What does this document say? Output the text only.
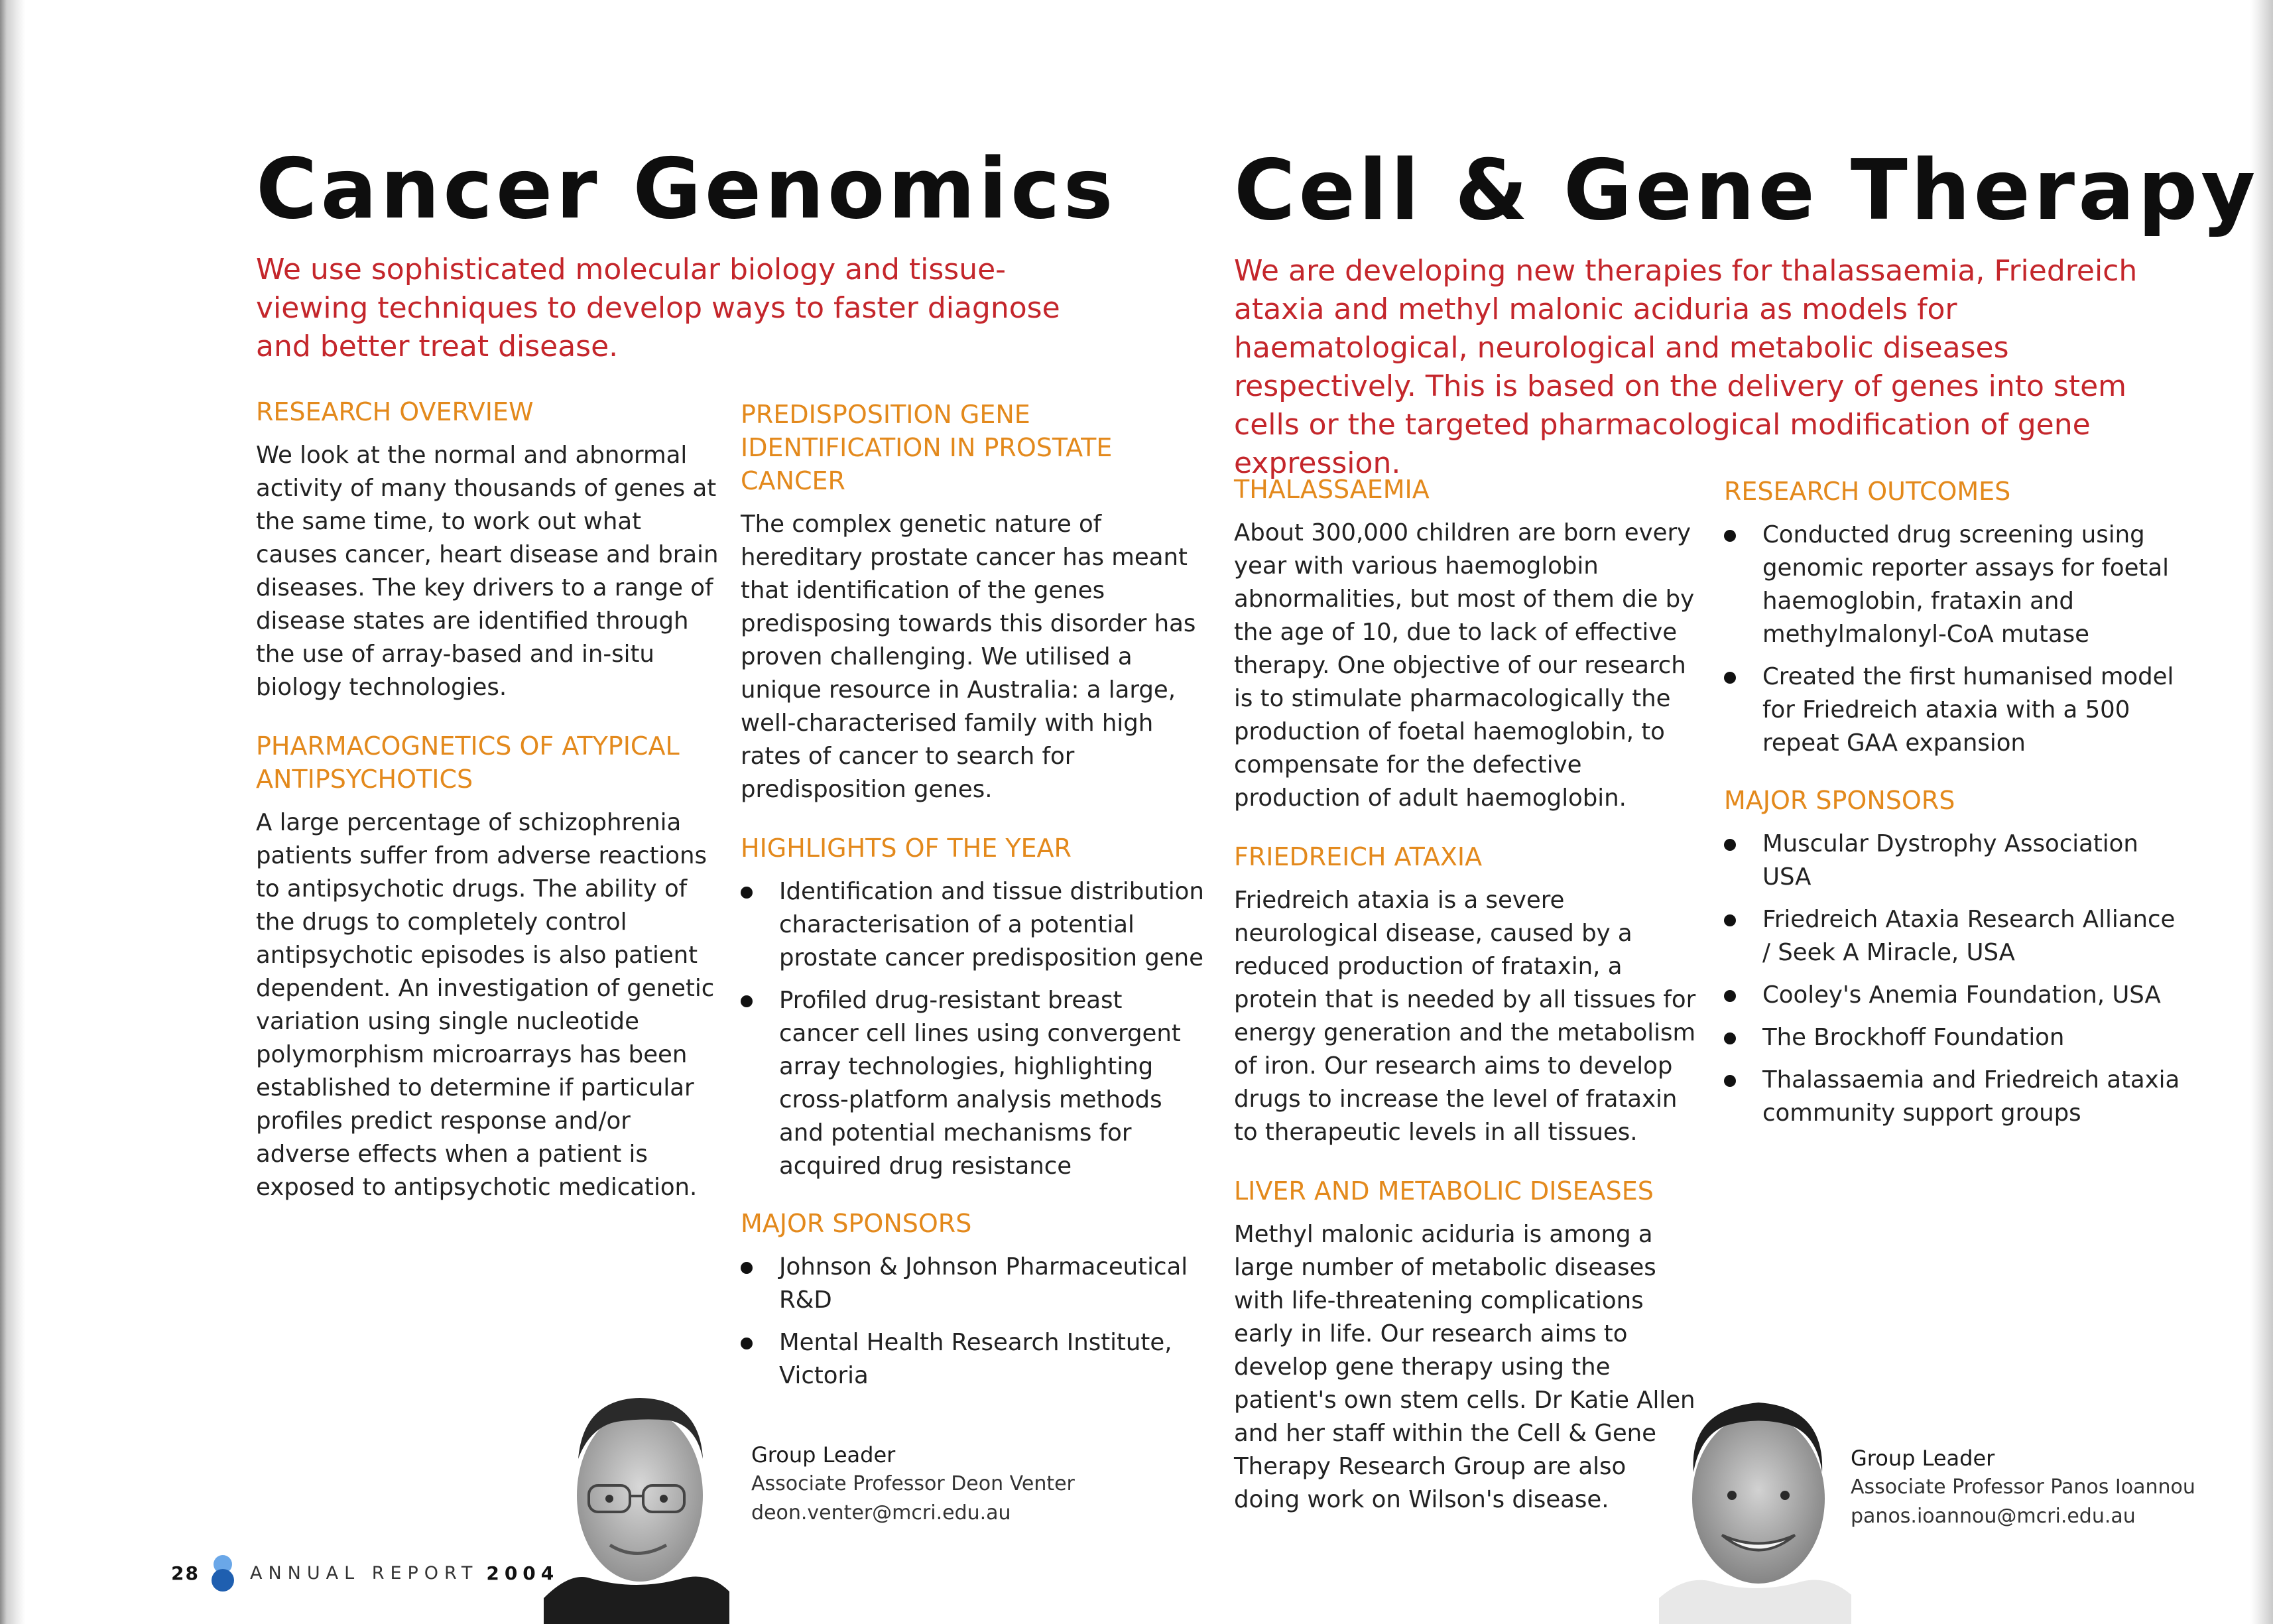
Cancer Genomics

We use sophisticated molecular biology and tissue-viewing techniques to develop ways to faster diagnose and better treat disease.

RESEARCH OVERVIEW

We look at the normal and abnormal activity of many thousands of genes at the same time, to work out what causes cancer, heart disease and brain diseases. The key drivers to a range of disease states are identified through the use of array-based and in-situ biology technologies.

PHARMACOGNETICS OF ATYPICAL ANTIPSYCHOTICS

A large percentage of schizophrenia patients suffer from adverse reactions to antipsychotic drugs. The ability of the drugs to completely control antipsychotic episodes is also patient dependent. An investigation of genetic variation using single nucleotide polymorphism microarrays has been established to determine if particular profiles predict response and/or adverse effects when a patient is exposed to antipsychotic medication.

PREDISPOSITION GENE IDENTIFICATION IN PROSTATE CANCER

The complex genetic nature of hereditary prostate cancer has meant that identification of the genes predisposing towards this disorder has proven challenging. We utilised a unique resource in Australia: a large, well-characterised family with high rates of cancer to search for predisposition genes.

HIGHLIGHTS OF THE YEAR
Identification and tissue distribution characterisation of a potential prostate cancer predisposition gene
Profiled drug-resistant breast cancer cell lines using convergent array technologies, highlighting cross-platform analysis methods and potential mechanisms for acquired drug resistance
MAJOR SPONSORS
Johnson & Johnson Pharmaceutical R&D
Mental Health Research Institute, Victoria
Group Leader
Associate Professor Deon Venter
deon.venter@mcri.edu.au
Cell & Gene Therapy

We are developing new therapies for thalassaemia, Friedreich ataxia and methyl malonic aciduria as models for haematological, neurological and metabolic diseases respectively. This is based on the delivery of genes into stem cells or the targeted pharmacological modification of gene expression.

THALASSAEMIA

About 300,000 children are born every year with various haemoglobin abnormalities, but most of them die by the age of 10, due to lack of effective therapy. One objective of our research is to stimulate pharmacologically the production of foetal haemoglobin, to compensate for the defective production of adult haemoglobin.

FRIEDREICH ATAXIA

Friedreich ataxia is a severe neurological disease, caused by a reduced production of frataxin, a protein that is needed by all tissues for energy generation and the metabolism of iron. Our research aims to develop drugs to increase the level of frataxin to therapeutic levels in all tissues.

LIVER AND METABOLIC DISEASES

Methyl malonic aciduria is among a large number of metabolic diseases with life-threatening complications early in life. Our research aims to develop gene therapy using the patient's own stem cells. Dr Katie Allen and her staff within the Cell & Gene Therapy Research Group are also doing work on Wilson's disease.

RESEARCH OUTCOMES
Conducted drug screening using genomic reporter assays for foetal haemoglobin, frataxin and methylmalonyl-CoA mutase
Created the first humanised model for Friedreich ataxia with a 500 repeat GAA expansion
MAJOR SPONSORS
Muscular Dystrophy Association USA
Friedreich Ataxia Research Alliance / Seek A Miracle, USA
Cooley's Anemia Foundation, USA
The Brockhoff Foundation
Thalassaemia and Friedreich ataxia community support groups
Group Leader
Associate Professor Panos Ioannou
panos.ioannou@mcri.edu.au
28	ANNUAL REPORT 2004
